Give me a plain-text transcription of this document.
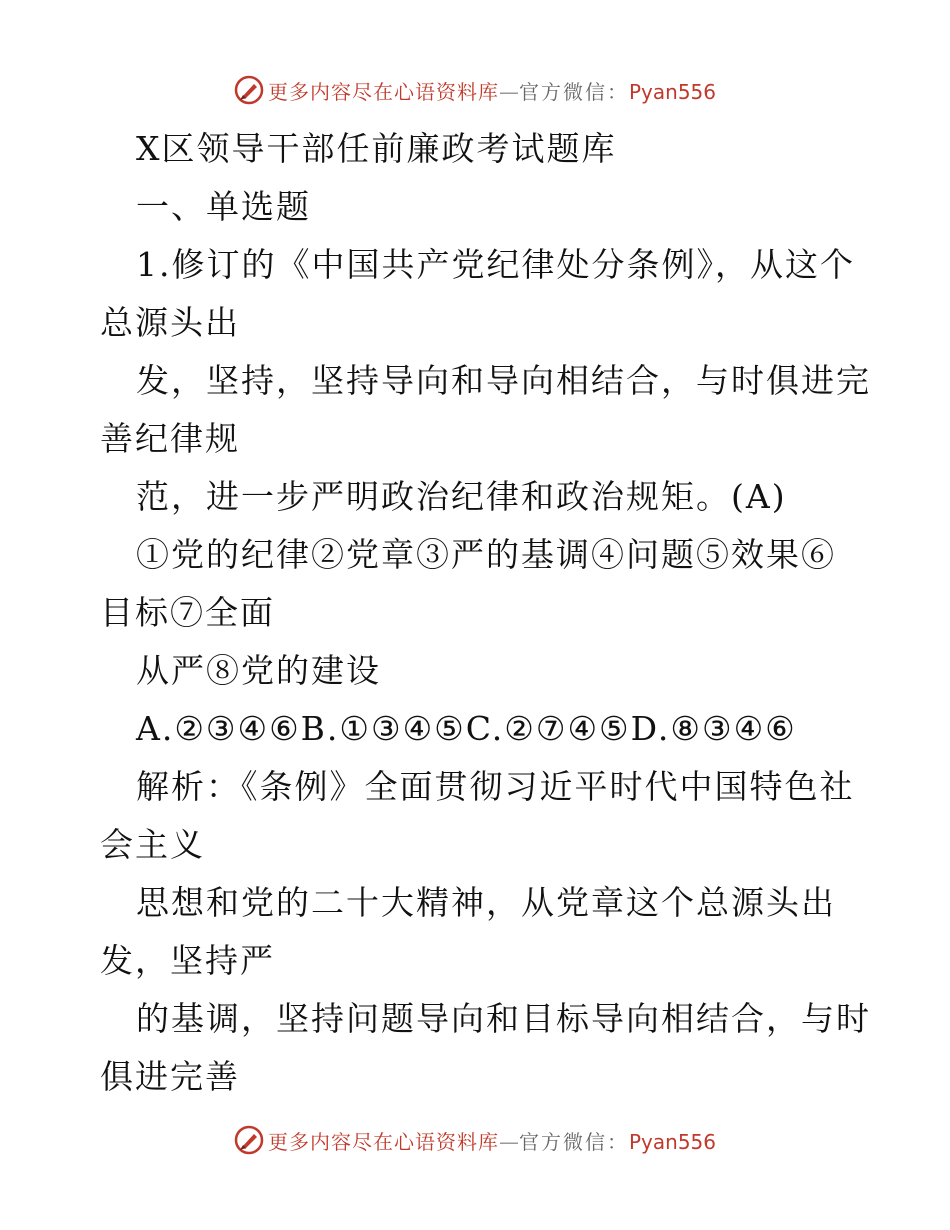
更多内容尽在心语资料库—官方微信：Pyan556
X区领导干部任前廉政考试题库
一、单选题
1.修订的《中国共产党纪律处分条例》，从这个
总源头出
发，坚持，坚持导向和导向相结合，与时俱进完
善纪律规
范，进一步严明政治纪律和政治规矩。(A)
①党的纪律②党章③严的基调④问题⑤效果⑥
目标⑦全面
从严⑧党的建设
A.②③④⑥B.①③④⑤C.②⑦④⑤D.⑧③④⑥
解析：《条例》全面贯彻习近平时代中国特色社
会主义
思想和党的二十大精神，从党章这个总源头出
发，坚持严
的基调，坚持问题导向和目标导向相结合，与时
俱进完善
更多内容尽在心语资料库—官方微信：Pyan556
